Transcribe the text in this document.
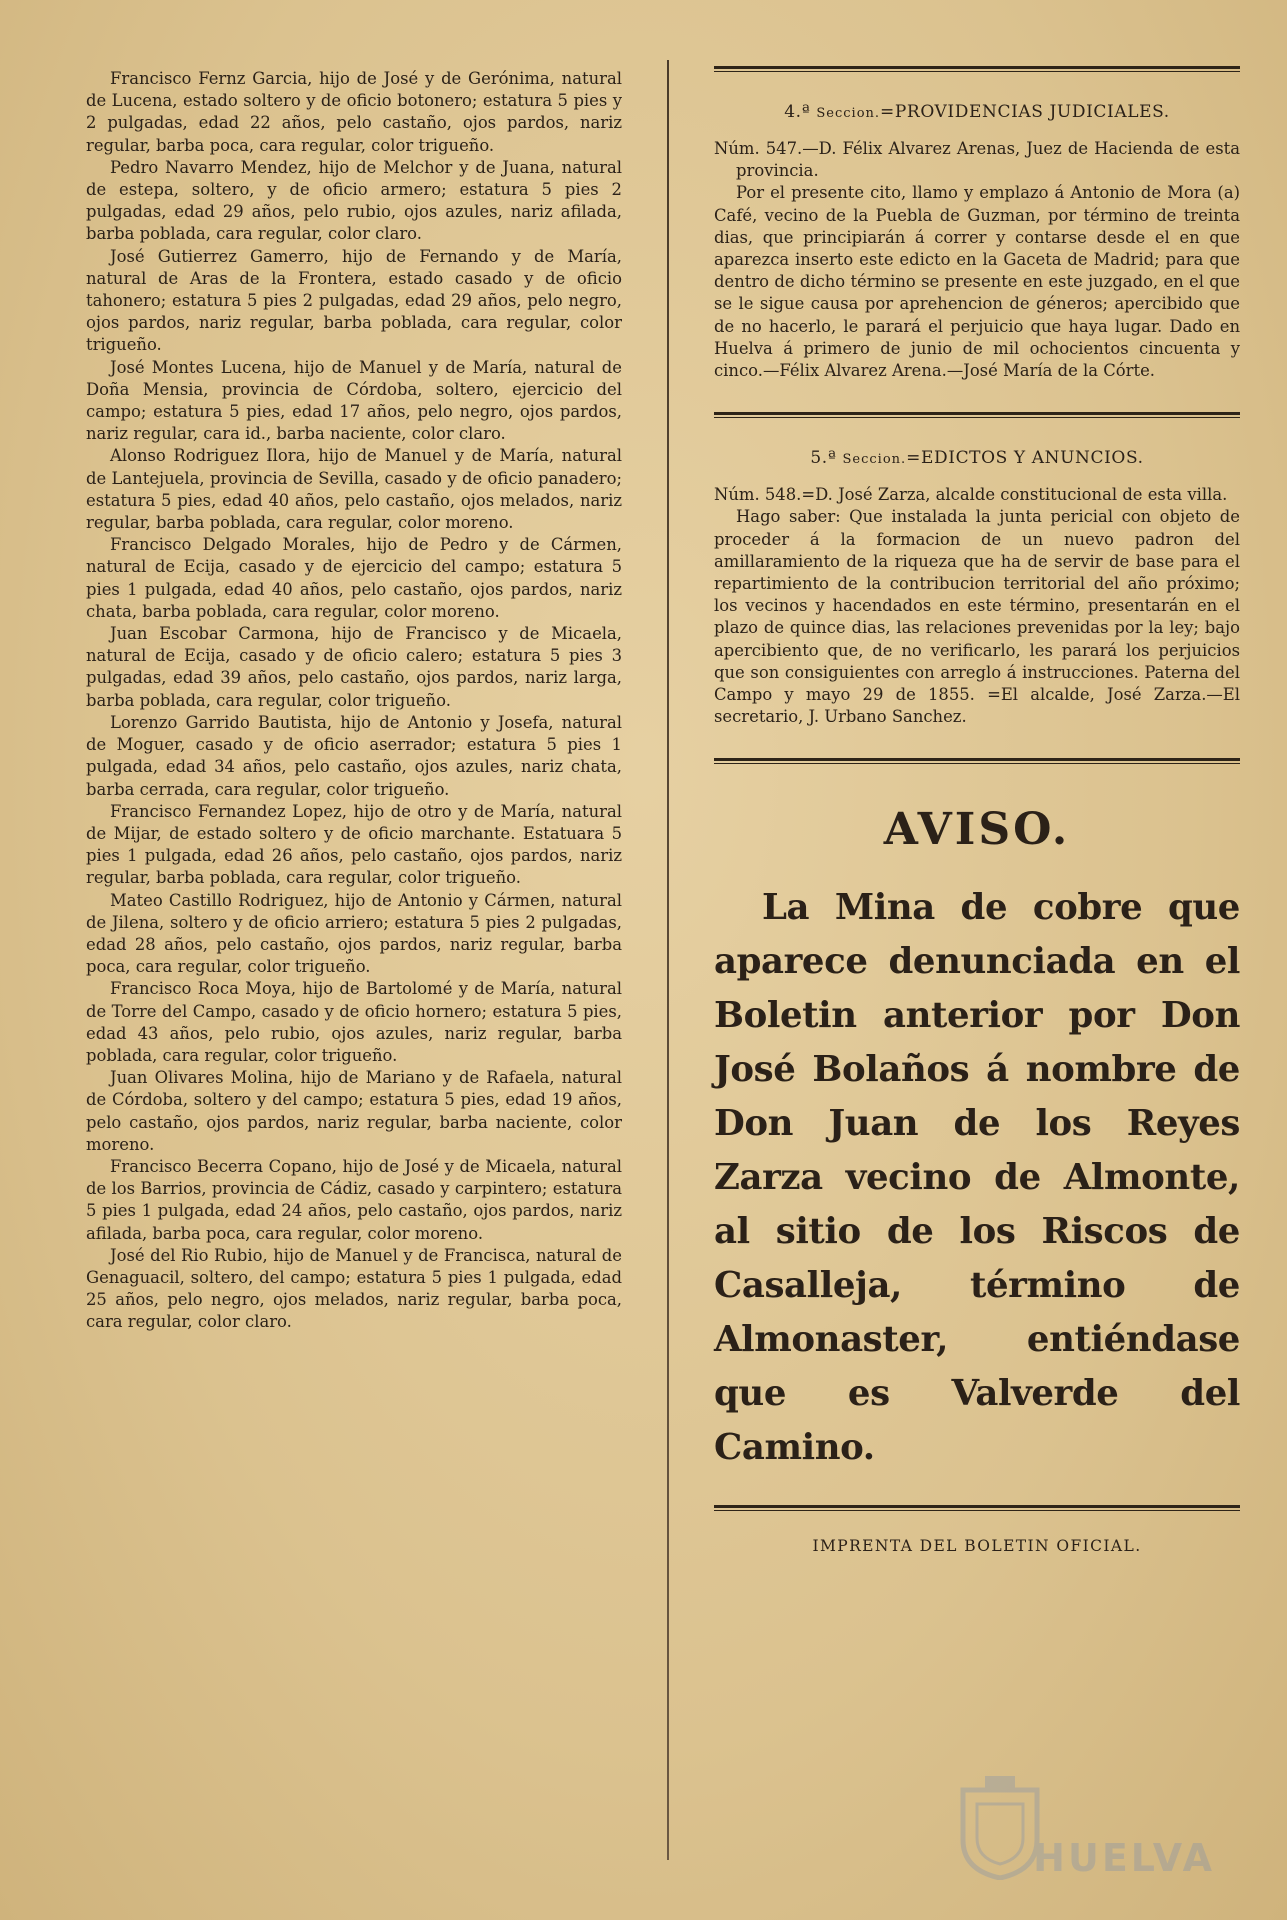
Francisco Fernz Garcia, hijo de José y de Gerónima, natural de Lucena, estado soltero y de oficio botonero; estatura 5 pies y 2 pulgadas, edad 22 años, pelo castaño, ojos pardos, nariz regular, barba poca, cara regular, color trigueño.

Pedro Navarro Mendez, hijo de Melchor y de Juana, natural de estepa, soltero, y de oficio armero; estatura 5 pies 2 pulgadas, edad 29 años, pelo rubio, ojos azules, nariz afilada, barba poblada, cara regular, color claro.

José Gutierrez Gamerro, hijo de Fernando y de María, natural de Aras de la Frontera, estado casado y de oficio tahonero; estatura 5 pies 2 pulgadas, edad 29 años, pelo negro, ojos pardos, nariz regular, barba poblada, cara regular, color trigueño.

José Montes Lucena, hijo de Manuel y de María, natural de Doña Mensia, provincia de Córdoba, soltero, ejercicio del campo; estatura 5 pies, edad 17 años, pelo negro, ojos pardos, nariz regular, cara id., barba naciente, color claro.

Alonso Rodriguez Ilora, hijo de Manuel y de María, natural de Lantejuela, provincia de Sevilla, casado y de oficio panadero; estatura 5 pies, edad 40 años, pelo castaño, ojos melados, nariz regular, barba poblada, cara regular, color moreno.

Francisco Delgado Morales, hijo de Pedro y de Cármen, natural de Ecija, casado y de ejercicio del campo; estatura 5 pies 1 pulgada, edad 40 años, pelo castaño, ojos pardos, nariz chata, barba poblada, cara regular, color moreno.

Juan Escobar Carmona, hijo de Francisco y de Micaela, natural de Ecija, casado y de oficio calero; estatura 5 pies 3 pulgadas, edad 39 años, pelo castaño, ojos pardos, nariz larga, barba poblada, cara regular, color trigueño.

Lorenzo Garrido Bautista, hijo de Antonio y Josefa, natural de Moguer, casado y de oficio aserrador; estatura 5 pies 1 pulgada, edad 34 años, pelo castaño, ojos azules, nariz chata, barba cerrada, cara regular, color trigueño.

Francisco Fernandez Lopez, hijo de otro y de María, natural de Mijar, de estado soltero y de oficio marchante. Estatuara 5 pies 1 pulgada, edad 26 años, pelo castaño, ojos pardos, nariz regular, barba poblada, cara regular, color trigueño.

Mateo Castillo Rodriguez, hijo de Antonio y Cármen, natural de Jilena, soltero y de oficio arriero; estatura 5 pies 2 pulgadas, edad 28 años, pelo castaño, ojos pardos, nariz regular, barba poca, cara regular, color trigueño.

Francisco Roca Moya, hijo de Bartolomé y de María, natural de Torre del Campo, casado y de oficio hornero; estatura 5 pies, edad 43 años, pelo rubio, ojos azules, nariz regular, barba poblada, cara regular, color trigueño.

Juan Olivares Molina, hijo de Mariano y de Rafaela, natural de Córdoba, soltero y del campo; estatura 5 pies, edad 19 años, pelo castaño, ojos pardos, nariz regular, barba naciente, color moreno.

Francisco Becerra Copano, hijo de José y de Micaela, natural de los Barrios, provincia de Cádiz, casado y carpintero; estatura 5 pies 1 pulgada, edad 24 años, pelo castaño, ojos pardos, nariz afilada, barba poca, cara regular, color moreno.

José del Rio Rubio, hijo de Manuel y de Francisca, natural de Genaguacil, soltero, del campo; estatura 5 pies 1 pulgada, edad 25 años, pelo negro, ojos melados, nariz regular, barba poca, cara regular, color claro.

4.ª Seccion.=PROVIDENCIAS JUDICIALES.

Núm. 547.—D. Félix Alvarez Arenas, Juez de Hacienda de esta provincia.

Por el presente cito, llamo y emplazo á Antonio de Mora (a) Café, vecino de la Puebla de Guzman, por término de treinta dias, que principiarán á correr y contarse desde el en que aparezca inserto este edicto en la Gaceta de Madrid; para que dentro de dicho término se presente en este juzgado, en el que se le sigue causa por aprehencion de géneros; apercibido que de no hacerlo, le parará el perjuicio que haya lugar. Dado en Huelva á primero de junio de mil ochocientos cincuenta y cinco.—Félix Alvarez Arena.—José María de la Córte.

5.ª Seccion.=EDICTOS Y ANUNCIOS.

Núm. 548.=D. José Zarza, alcalde constitucional de esta villa.

Hago saber: Que instalada la junta pericial con objeto de proceder á la formacion de un nuevo padron del amillaramiento de la riqueza que ha de servir de base para el repartimiento de la contribucion territorial del año próximo; los vecinos y hacendados en este término, presentarán en el plazo de quince dias, las relaciones prevenidas por la ley; bajo apercibiento que, de no verificarlo, les parará los perjuicios que son consiguientes con arreglo á instrucciones. Paterna del Campo y mayo 29 de 1855. =El alcalde, José Zarza.—El secretario, J. Urbano Sanchez.

AVISO.

La Mina de cobre que aparece denunciada en el Boletin anterior por Don José Bolaños á nombre de Don Juan de los Reyes Zarza vecino de Almonte, al sitio de los Riscos de Casalleja, término de Almonaster, entiéndase que es Valverde del Camino.

IMPRENTA DEL BOLETIN OFICIAL.
HUELVA
